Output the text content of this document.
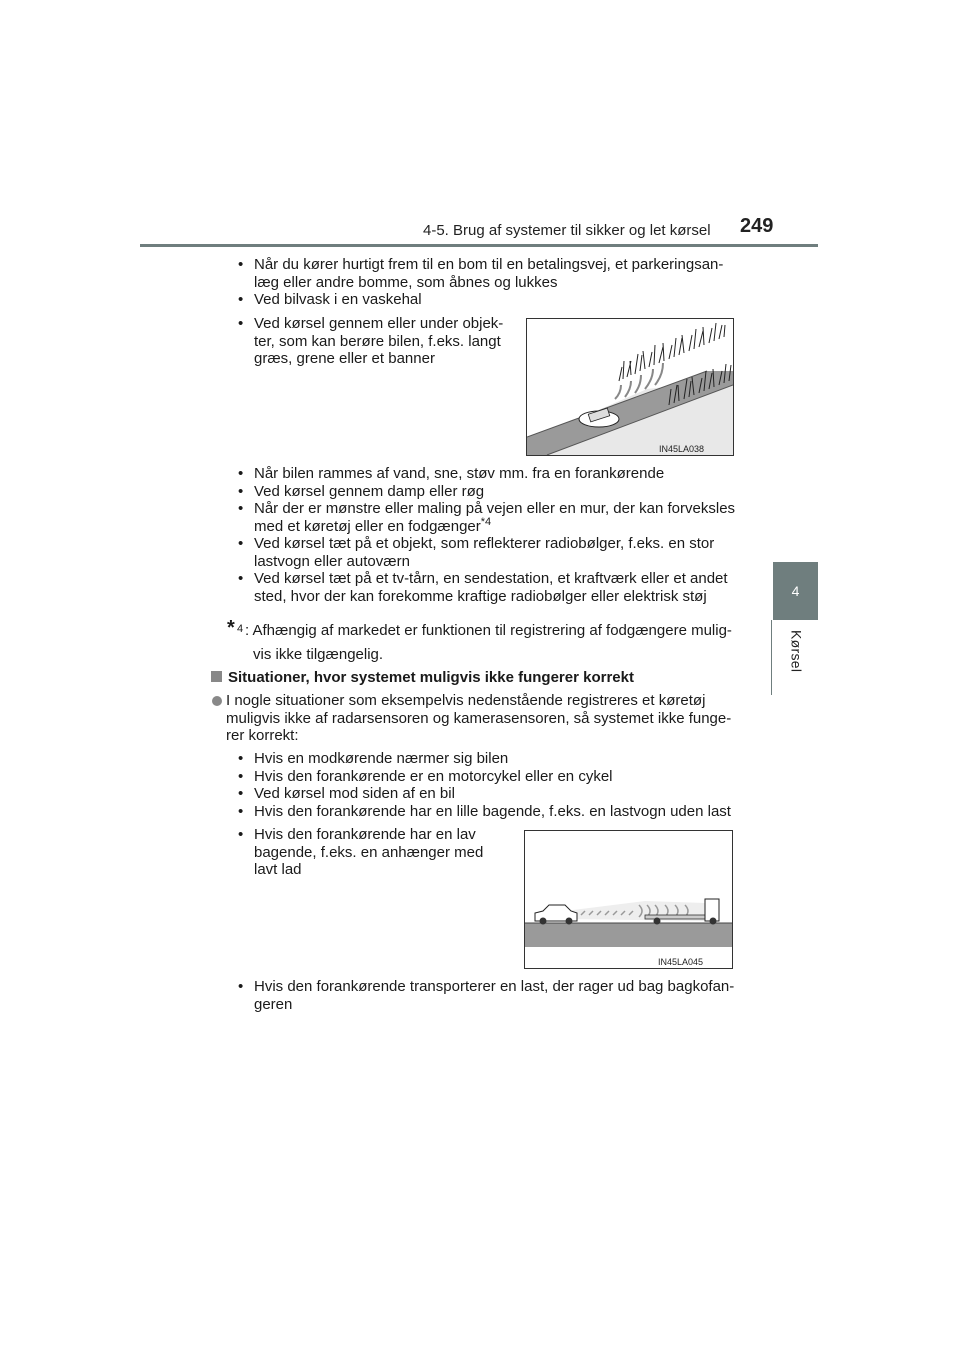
4-5. Brug af systemer til sikker og let kørsel 249
4
Kørsel
• Når du kører hurtigt frem til en bom til en betalingsvej, et parkeringsan-
læg eller andre bomme, som åbnes og lukkes
• Ved bilvask i en vaskehal
• Ved kørsel gennem eller under objek-
ter, som kan berøre bilen, f.eks. langt
græs, grene eller et banner
IN45LA038
• Når bilen rammes af vand, sne, støv mm. fra en forankørende
• Ved kørsel gennem damp eller røg
• Når der er mønstre eller maling på vejen eller en mur, der kan forveksles
med et køretøj eller en fodgænger$^{*4}$
• Ved kørsel tæt på et objekt, som reflekterer radiobølger, f.eks. en stor
lastvogn eller autoværn
• Ved kørsel tæt på et tv-tårn, en sendestation, et kraftværk eller et andet
sted, hvor der kan forekomme kraftige radiobølger eller elektrisk støj
* 4 : Afhængig af markedet er funktionen til registrering af fodgængere mulig-
vis ikke tilgængelig.
Situationer, hvor systemet muligvis ikke fungerer korrekt
I nogle situationer som eksempelvis nedenstående registreres et køretøj
muligvis ikke af radarsensoren og kamerasensoren, så systemet ikke funge-
rer korrekt:
• Hvis en modkørende nærmer sig bilen
• Hvis den forankørende er en motorcykel eller en cykel
• Ved kørsel mod siden af en bil
• Hvis den forankørende har en lille bagende, f.eks. en lastvogn uden last
• Hvis den forankørende har en lav
bagende, f.eks. en anhænger med
lavt lad
IN45LA045
• Hvis den forankørende transporterer en last, der rager ud bag bagkofan-
geren
